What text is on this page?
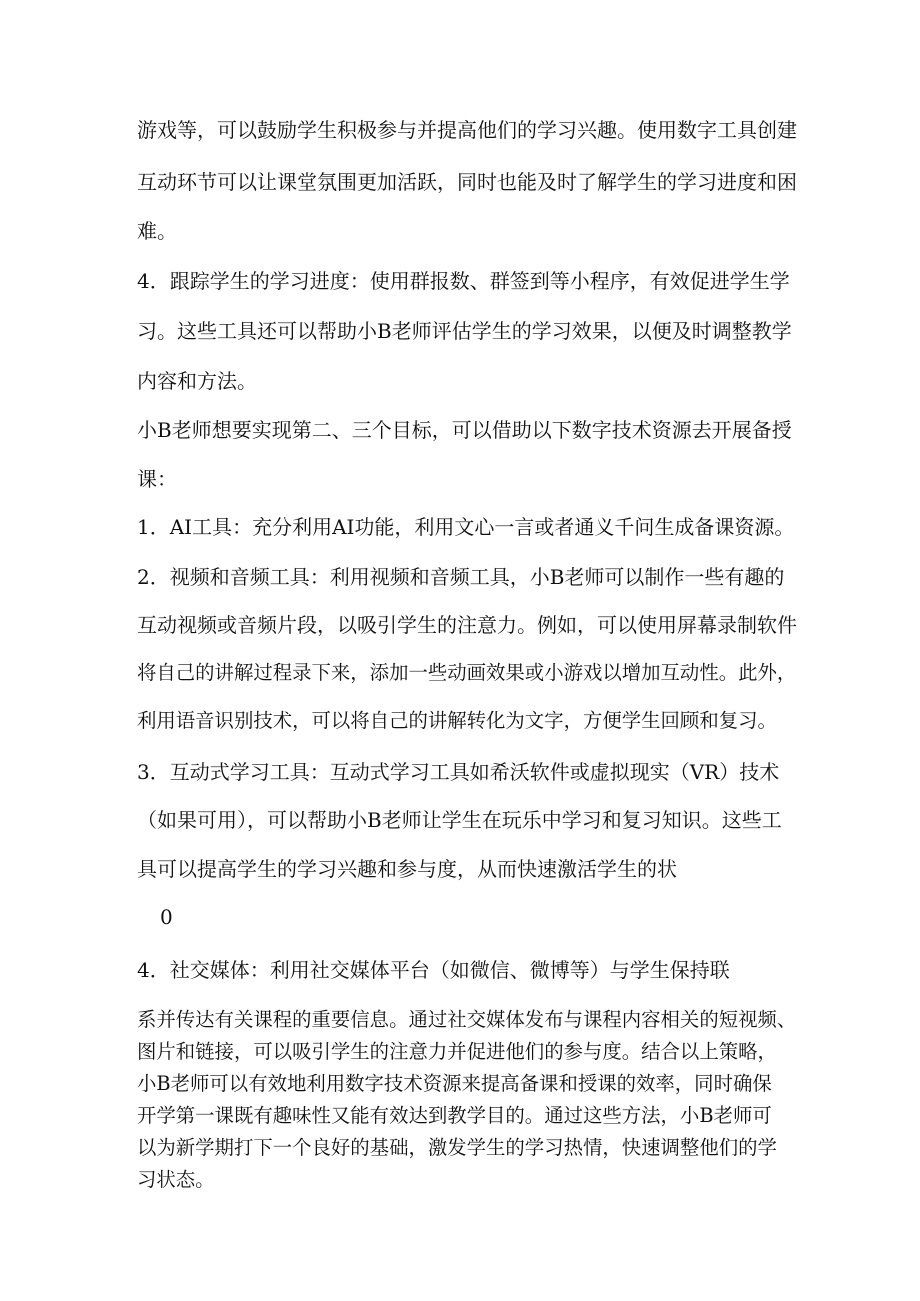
游戏等，可以鼓励学生积极参与并提高他们的学习兴趣。使用数字工具创建

互动环节可以让课堂氛围更加活跃，同时也能及时了解学生的学习进度和困

难。

4．跟踪学生的学习进度：使用群报数、群签到等小程序，有效促进学生学

习。这些工具还可以帮助小B老师评估学生的学习效果，以便及时调整教学

内容和方法。

小B老师想要实现第二、三个目标，可以借助以下数字技术资源去开展备授

课：

1．AI工具：充分利用AI功能，利用文心一言或者通义千问生成备课资源。

2．视频和音频工具：利用视频和音频工具，小B老师可以制作一些有趣的

互动视频或音频片段，以吸引学生的注意力。例如，可以使用屏幕录制软件

将自己的讲解过程录下来，添加一些动画效果或小游戏以增加互动性。此外，

利用语音识别技术，可以将自己的讲解转化为文字，方便学生回顾和复习。

3．互动式学习工具：互动式学习工具如希沃软件或虚拟现实（VR）技术

（如果可用），可以帮助小B老师让学生在玩乐中学习和复习知识。这些工

具可以提高学生的学习兴趣和参与度，从而快速激活学生的状

0

4．社交媒体：利用社交媒体平台（如微信、微博等）与学生保持联

系并传达有关课程的重要信息。通过社交媒体发布与课程内容相关的短视频、

图片和链接，可以吸引学生的注意力并促进他们的参与度。结合以上策略，

小B老师可以有效地利用数字技术资源来提高备课和授课的效率，同时确保

开学第一课既有趣味性又能有效达到教学目的。通过这些方法，小B老师可

以为新学期打下一个良好的基础，激发学生的学习热情，快速调整他们的学

习状态。
